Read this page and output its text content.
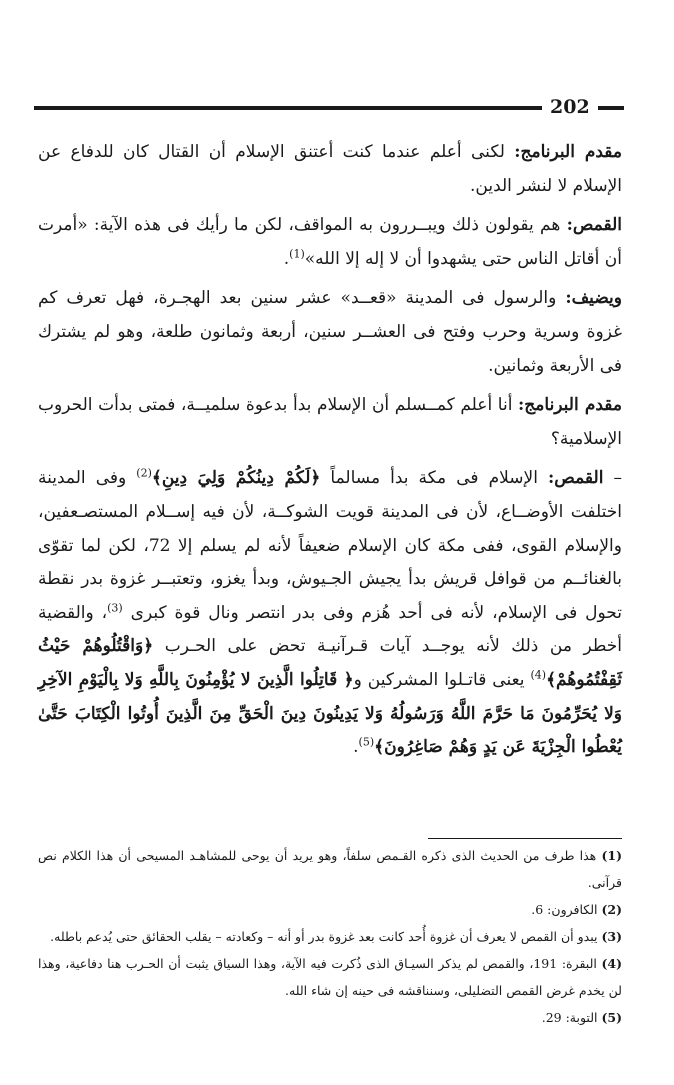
202

مقدم البرنامج: لكنى أعلم عندما كنت أعتنق الإسلام أن القتال كان للدفاع عن الإسلام لا لنشر الدين.

القمص: هم يقولون ذلك ويبــررون به المواقف، لكن ما رأيك فى هذه الآية: «أمرت أن أقاتل الناس حتى يشهدوا أن لا إله إلا الله»$^{(1)}$.

ويضيف: والرسول فى المدينة «قعــد» عشر سنين بعد الهجـرة، فهل تعرف كم غزوة وسرية وحرب وفتح فى العشــر سنين، أربعة وثمانون طلعة، وهو لم يشترك فى الأربعة وثمانين.

مقدم البرنامج: أنا أعلم كمــسلم أن الإسلام بدأ بدعوة سلميــة، فمتى بدأت الحروب الإسلامية؟

– القمص: الإسلام فى مكة بدأ مسالماً ﴿لَكُمْ دِينُكُمْ وَلِيَ دِينِ﴾$^{(2)}$ وفى المدينة اختلفت الأوضــاع، لأن فى المدينة قويت الشوكــة، لأن فيه إســلام المستصـعفين، والإسلام القوى، ففى مكة كان الإسلام ضعيفاً لأنه لم يسلم إلا 72، لكن لما تقوّى بالغنائــم من قوافل قريش بدأ يجيش الجـيوش، وبدأ يغزو، وتعتبــر غزوة بدر نقطة تحول فى الإسلام، لأنه فى أحد هُزم وفى بدر انتصر ونال قوة كبرى $^{(3)}$، والقضية أخطر من ذلك لأنه يوجــد آيات قـرآنيـة تحض على الحـرب ﴿وَاقْتُلُوهُمْ حَيْثُ ثَقِفْتُمُوهُمْ﴾$^{(4)}$ يعنى قاتـلوا المشركين و﴿ قَاتِلُوا الَّذِينَ لا يُؤْمِنُونَ بِاللَّهِ وَلا بِالْيَوْمِ الآخِرِ وَلا يُحَرِّمُونَ مَا حَرَّمَ اللَّهُ وَرَسُولُهُ وَلا يَدِينُونَ دِينَ الْحَقِّ مِنَ الَّذِينَ أُوتُوا الْكِتَابَ حَتَّىٰ يُعْطُوا الْجِزْيَةَ عَن يَدٍ وَهُمْ صَاغِرُونَ﴾$^{(5)}$.

(1) هذا طرف من الحديث الذى ذكره القـمص سلفاً، وهو يريد أن يوحى للمشاهـد المسيحى أن هذا الكلام نص قرآنى.

(2) الكافرون: 6.

(3) يبدو أن القمص لا يعرف أن غزوة أُحد كانت بعد غزوة بدر أو أنه – وكعادته – يقلب الحقائق حتى يُدعم باطله.

(4) البقرة: 191، والقمص لم يذكر السيـاق الذى ذُكرت فيه الآية، وهذا السياق يثبت أن الحـرب هنا دفاعية، وهذا لن يخدم غرض القمص التضليلى، وسنناقشه فى حينه إن شاء الله.

(5) التوبة: 29.
